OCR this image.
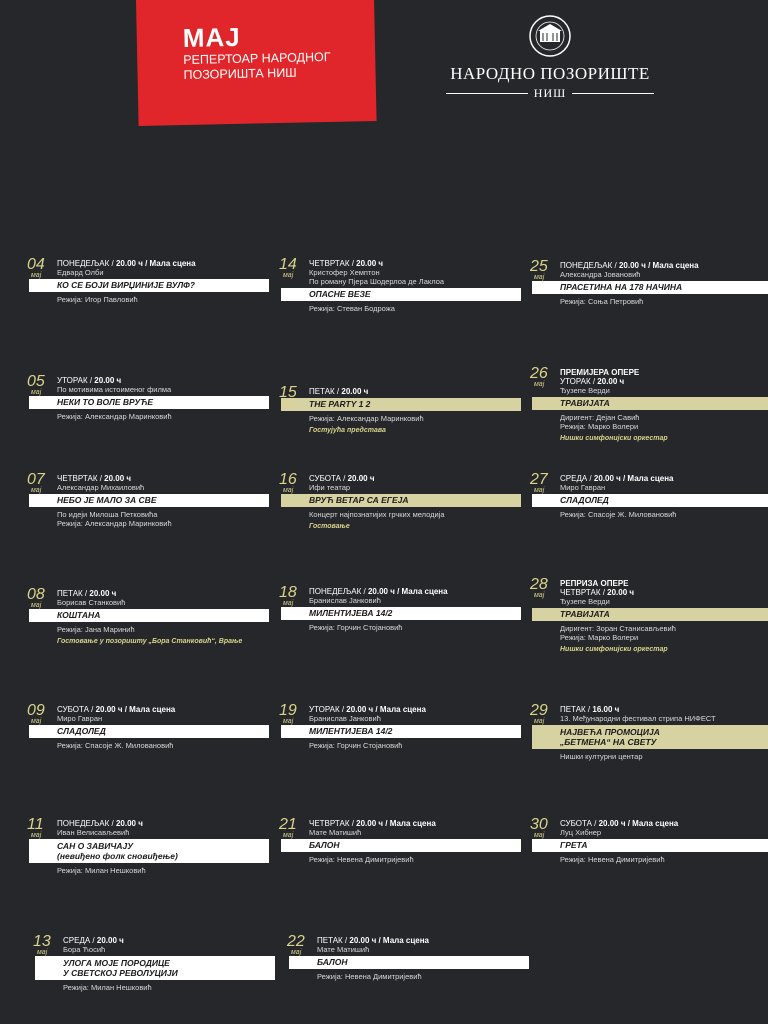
МАЈ
РЕПЕРТОАР НАРОДНОГ ПОЗОРИШТА НИШ	НАРОДНО ПОЗОРИШТЕ
НИШ
04
мај
ПОНЕДЕЉАК / 20.00 ч / Мала сцена
Едвард Олби
КО СЕ БОЈИ ВИРЏИНИЈЕ ВУЛФ?
Режија: Игор Павловић
05
мај
УТОРАК / 20.00 ч
По мотивима истоименог филма
НЕКИ ТО ВОЛЕ ВРУЋЕ
Режија: Александар Маринковић
07
мај
ЧЕТВРТАК / 20.00 ч
Александар Михаиловић
НЕБО ЈЕ МАЛО ЗА СВЕ
По идеји Милоша Петковића
Режија: Александар Маринковић
08
мај
ПЕТАК / 20.00 ч
Борисав Станковић
КОШТАНА
Режија: Јана Маринић
Гостовање у позоришту „Бора Станковић“, Врање
09
мај
СУБОТА / 20.00 ч / Мала сцена
Миро Гавран
СЛАДОЛЕД
Режија: Спасоје Ж. Миловановић
11
мај
ПОНЕДЕЉАК / 20.00 ч
Иван Велисављевић
САН О ЗАВИЧАЈУ
(невиђено фолк сновиђење)
Режија: Милан Нешковић
13
мај
СРЕДА / 20.00 ч
Бора Ћосић
УЛОГА МОЈЕ ПОРОДИЦЕ
У СВЕТСКОЈ РЕВОЛУЦИЈИ
Режија: Милан Нешковић
14
мај
ЧЕТВРТАК / 20.00 ч
Кристофер Хемптон
По роману Пјера Шодерлоа де Лаклоа
ОПАСНЕ ВЕЗЕ
Режија: Стеван Бодрожа
15
мај
ПЕТАК / 20.00 ч
THE PARTY 1 2
Режија: Александар Маринковић
Гостујућа представа
16
мај
СУБОТА / 20.00 ч
Ифи театар
ВРУЋ ВЕТАР СА ЕГЕЈА
Концерт најпознатијих грчких мелодија
Гостовање
18
мај
ПОНЕДЕЉАК / 20.00 ч / Мала сцена
Бранислав Јанковић
МИЛЕНТИЈЕВА 14/2
Режија: Горчин Стојановић
19
мај
УТОРАК / 20.00 ч / Мала сцена
Бранислав Јанковић
МИЛЕНТИЈЕВА 14/2
Режија: Горчин Стојановић
21
мај
ЧЕТВРТАК / 20.00 ч / Мала сцена
Мате Матишић
БАЛОН
Режија: Невена Димитријевић
22
мај
ПЕТАК / 20.00 ч / Мала сцена
Мате Матишић
БАЛОН
Режија: Невена Димитријевић
25
мај
ПОНЕДЕЉАК / 20.00 ч / Мала сцена
Александра Јовановић
ПРАСЕТИНА НА 178 НАЧИНА
Режија: Соња Петровић
26
мај
ПРЕМИЈЕРА ОПЕРЕ
УТОРАК / 20.00 ч
Ђузепе Верди
ТРАВИЈАТА
Диригент: Дејан Савић
Режија: Марко Волери
Нишки симфонијски оркестар
27
мај
СРЕДА / 20.00 ч / Мала сцена
Миро Гавран
СЛАДОЛЕД
Режија: Спасоје Ж. Миловановић
28
мај
РЕПРИЗА ОПЕРЕ
ЧЕТВРТАК / 20.00 ч
Ђузепе Верди
ТРАВИЈАТА
Диригент: Зоран Станисављевић
Режија: Марко Волери
Нишки симфонијски оркестар
29
мај
ПЕТАК / 16.00 ч
13. Међународни фестивал стрипа НИФЕСТ
НАЈВЕЋА ПРОМОЦИЈА
„БЕТМЕНА“ НА СВЕТУ
Нишки културни центар
30
мај
СУБОТА / 20.00 ч / Мала сцена
Луц Хибнер
ГРЕТА
Режија: Невена Димитријевић
